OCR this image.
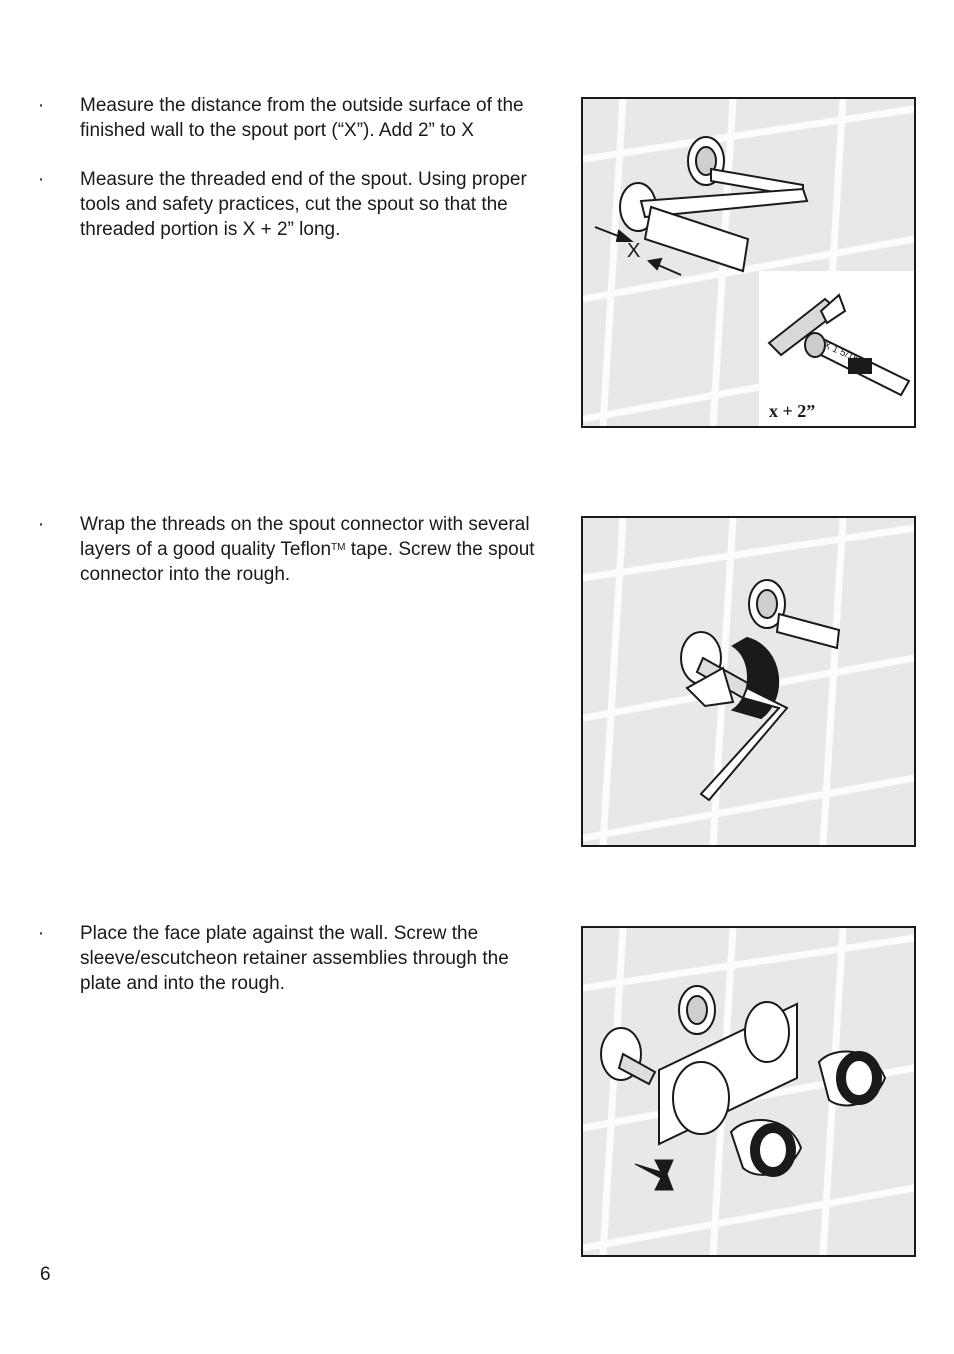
· Measure the distance from the outside surface of the finished wall to the spout port (“X”). Add 2” to X

· Measure the threaded end of the spout. Using proper tools and safety practices, cut the spout so that the threaded portion is X + 2” long.

X
X 1 5/16″
x + 2”

· Wrap the threads on the spout connector with several layers of a good quality Teflon™ tape. Screw the spout connector into the rough.

· Place the face plate against the wall. Screw the sleeve/escutcheon retainer assemblies through the plate and into the rough.

6
